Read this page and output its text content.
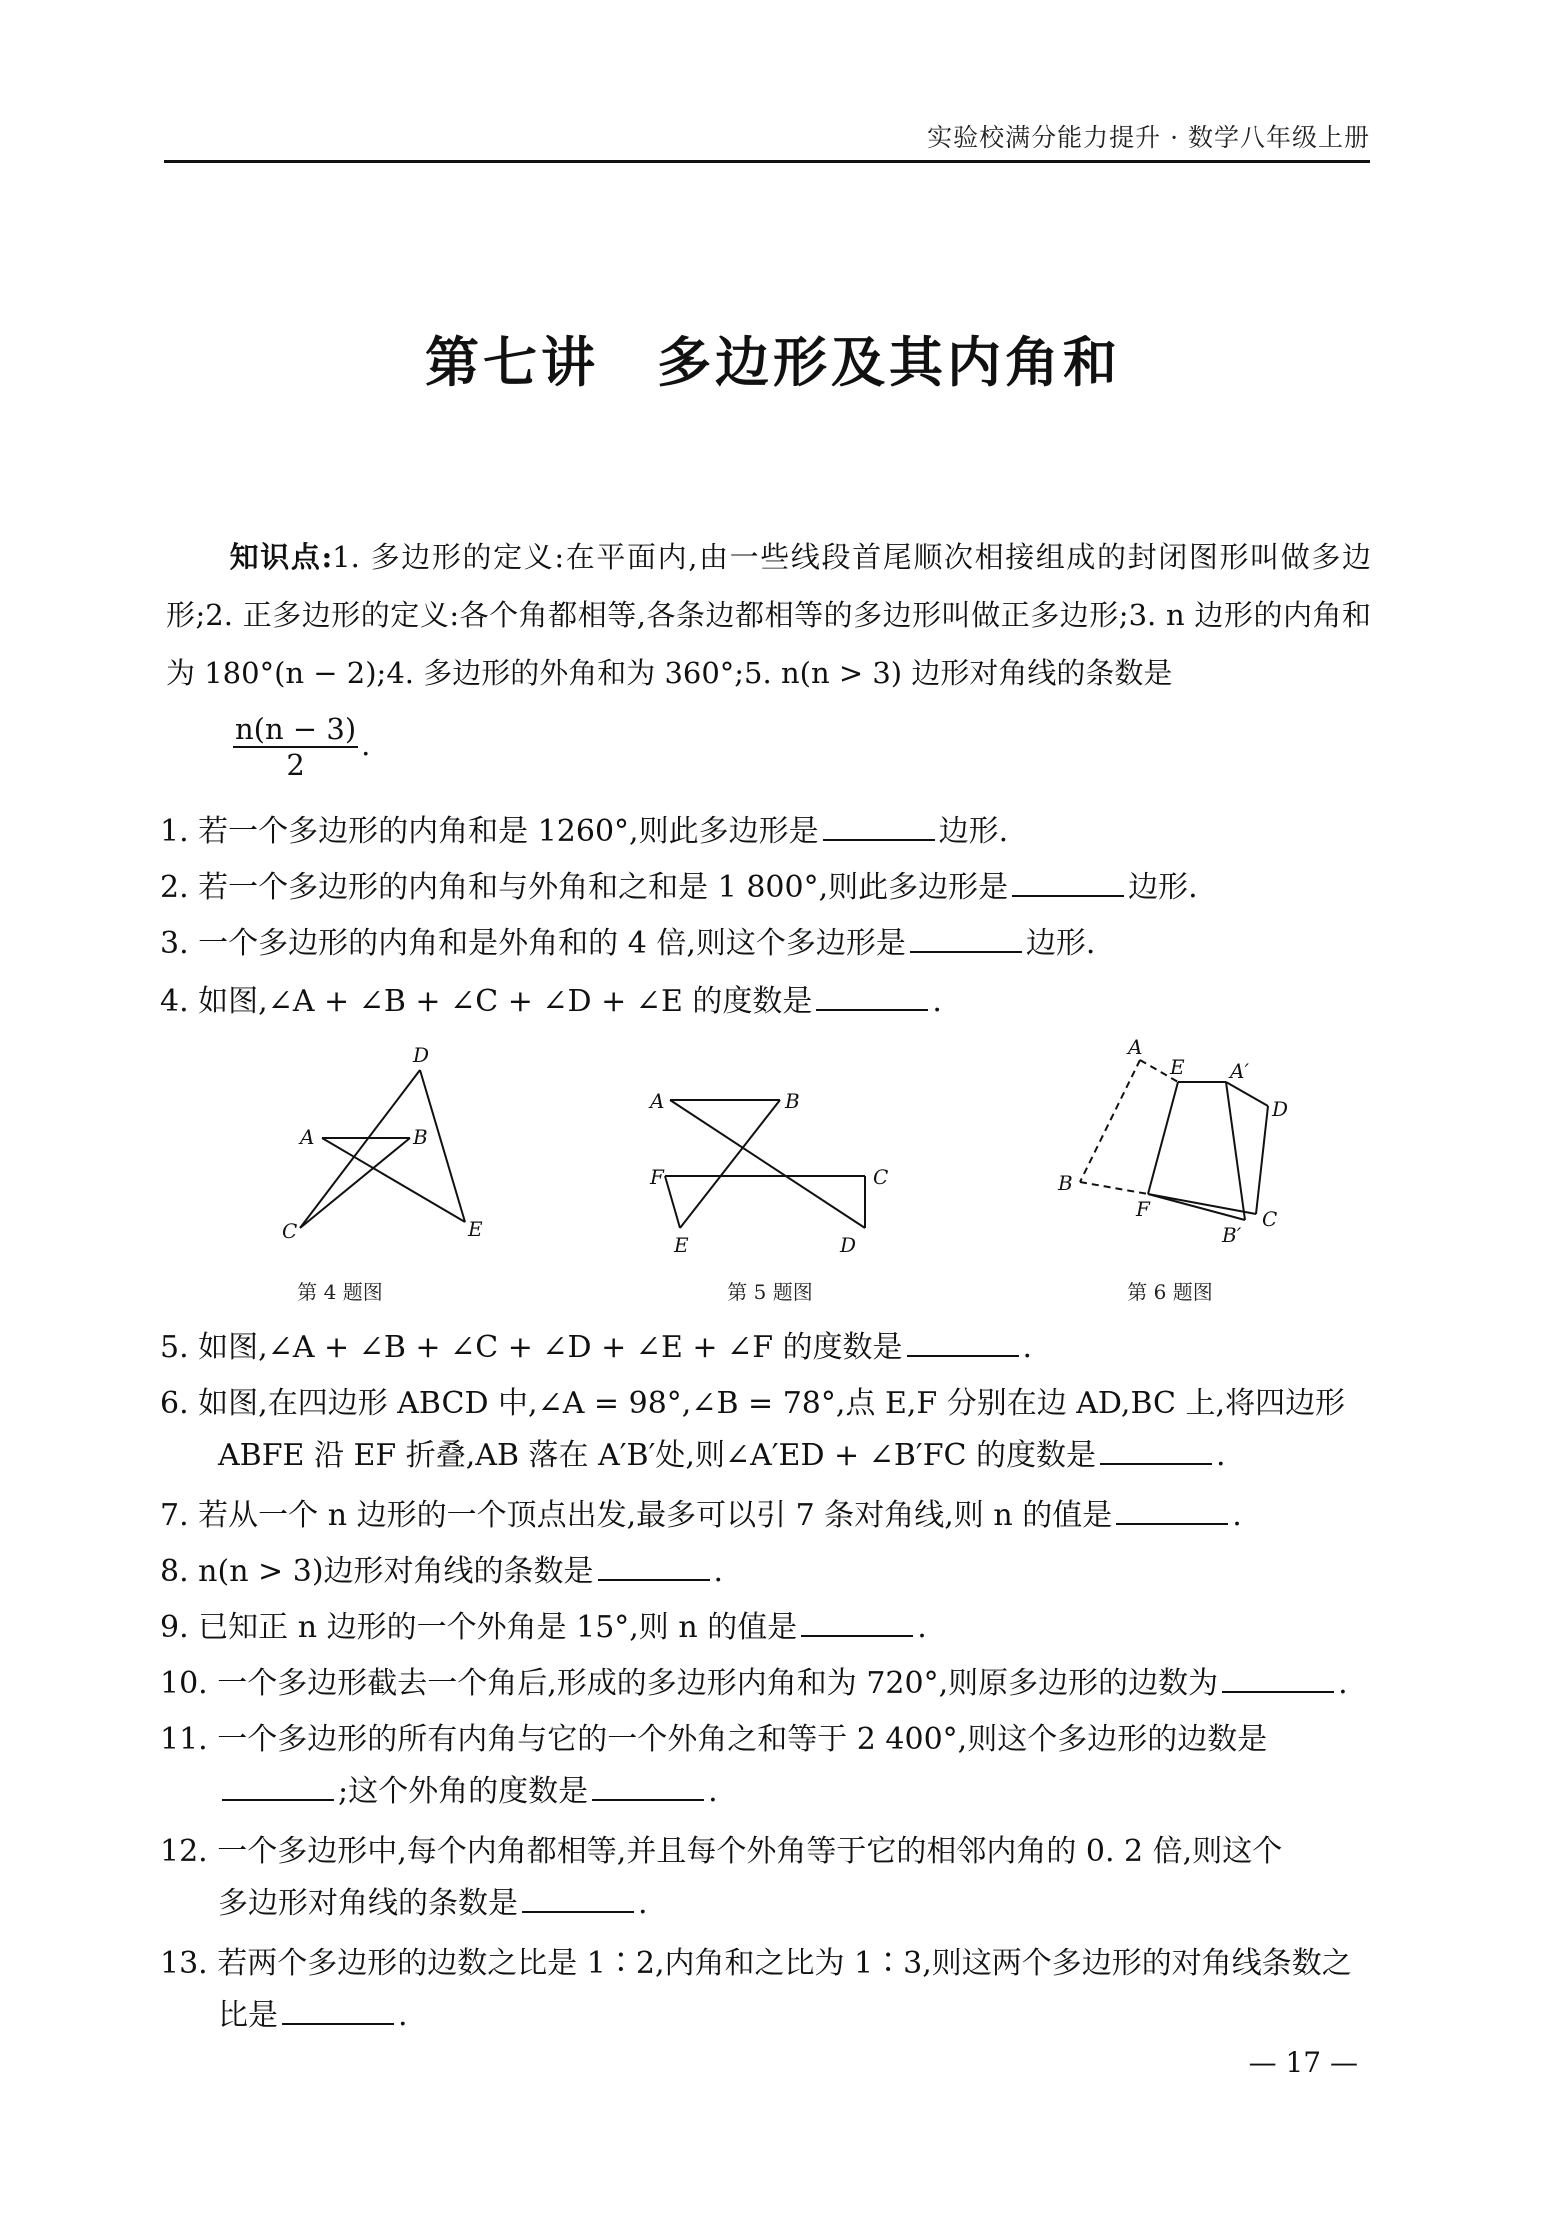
实验校满分能力提升 · 数学八年级上册
第七讲　多边形及其内角和
知识点:1. 多边形的定义:在平面内,由一些线段首尾顺次相接组成的封闭图形叫做多边形;2. 正多边形的定义:各个角都相等,各条边都相等的多边形叫做正多边形;3. n 边形的内角和为 180°(n − 2);4. 多边形的外角和为 360°;5. n(n > 3) 边形对角线的条数是
$\frac{n(n - 3)}{2}$ .
1. 若一个多边形的内角和是 1260°,则此多边形是	边形.
2. 若一个多边形的内角和与外角和之和是 1 800°,则此多边形是	边形.
3. 一个多边形的内角和是外角和的 4 倍,则这个多边形是	边形.
4. 如图,∠A + ∠B + ∠C + ∠D + ∠E 的度数是	.
D
A	B
C	E
第 4 题图
A	B
F	C
E	D
第 5 题图
A
E A′
D
B
F	C
B′
第 6 题图
5. 如图,∠A + ∠B + ∠C + ∠D + ∠E + ∠F 的度数是	.
6. 如图,在四边形 ABCD 中,∠A = 98°,∠B = 78°,点 E,F 分别在边 AD,BC 上,将四边形
ABFE 沿 EF 折叠,AB 落在 A′B′处,则∠A′ED + ∠B′FC 的度数是	.
7. 若从一个 n 边形的一个顶点出发,最多可以引 7 条对角线,则 n 的值是	.
8. n(n > 3)边形对角线的条数是	.
9. 已知正 n 边形的一个外角是 15°,则 n 的值是	.
10. 一个多边形截去一个角后,形成的多边形内角和为 720°,则原多边形的边数为	.
11. 一个多边形的所有内角与它的一个外角之和等于 2 400°,则这个多边形的边数是
;这个外角的度数是	.
12. 一个多边形中,每个内角都相等,并且每个外角等于它的相邻内角的 0. 2 倍,则这个
多边形对角线的条数是	.
13. 若两个多边形的边数之比是 1∶2,内角和之比为 1∶3,则这两个多边形的对角线条数之
比是	.
— 17 —
